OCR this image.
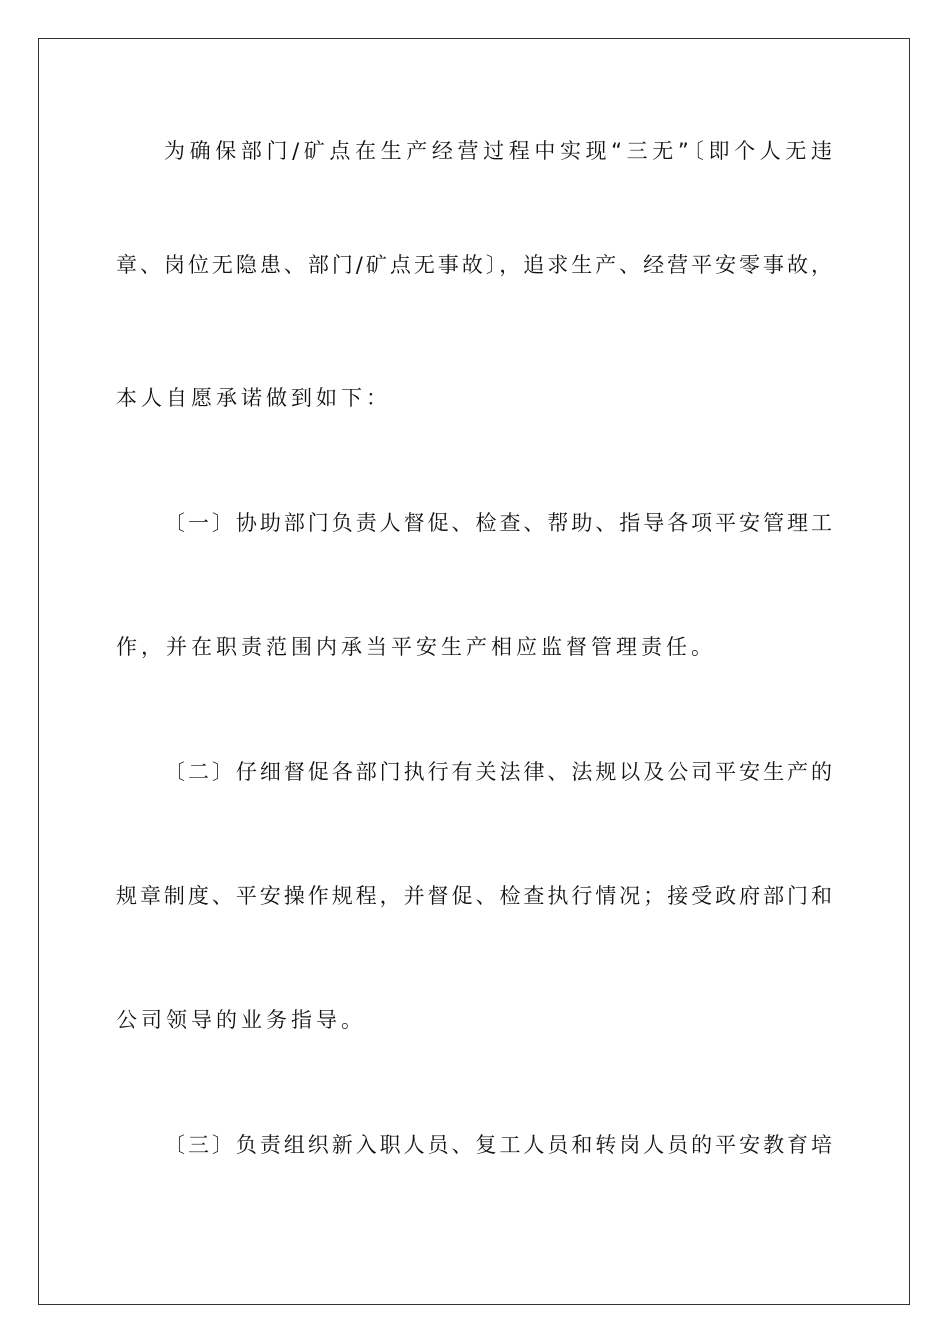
为确保部门/矿点在生产经营过程中实现“三无”〔即个人无违
章、岗位无隐患、部门/矿点无事故〕，追求生产、经营平安零事故，
本人自愿承诺做到如下：
〔一〕协助部门负责人督促、检查、帮助、指导各项平安管理工
作，并在职责范围内承当平安生产相应监督管理责任。
〔二〕仔细督促各部门执行有关法律、法规以及公司平安生产的
规章制度、平安操作规程，并督促、检查执行情况；接受政府部门和
公司领导的业务指导。
〔三〕负责组织新入职人员、复工人员和转岗人员的平安教育培
